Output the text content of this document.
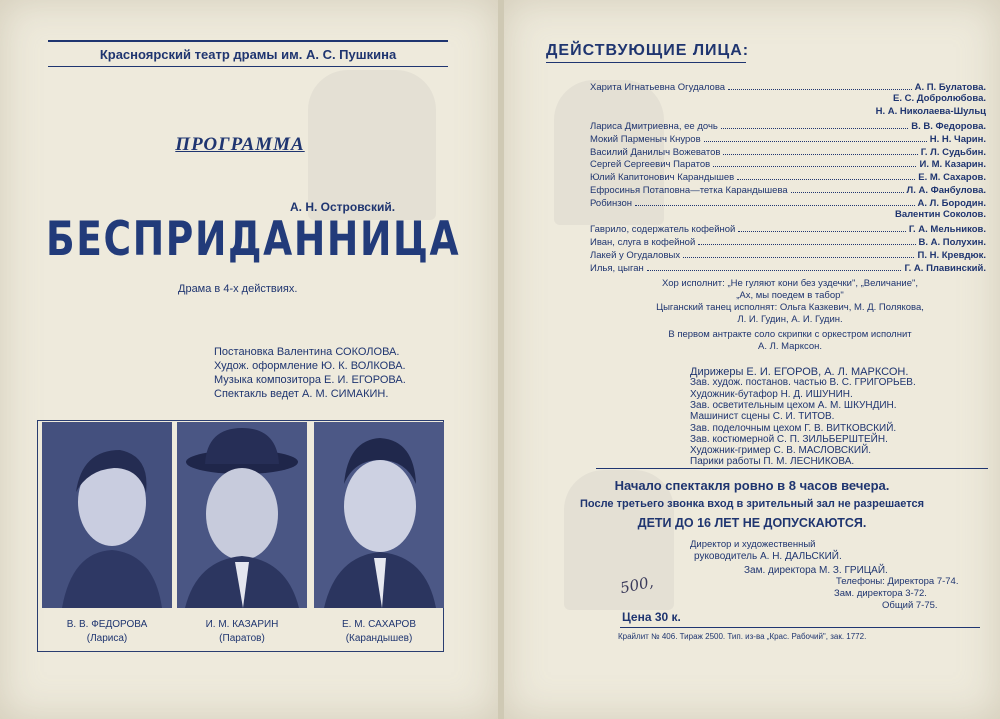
Красноярский театр драмы им. А. С. Пушкина
ПРОГРАММА
А. Н. Островский.
БЕСПРИДАННИЦА
Драма в 4-х действиях.
Постановка Валентина СОКОЛОВА.
Худож. оформление Ю. К. ВОЛКОВА.
Музыка композитора Е. И. ЕГОРОВА.
Спектакль ведет А. М. СИМАКИН.
В. В. ФЕДОРОВА
(Лариса)
И. М. КАЗАРИН
(Паратов)
Е. М. САХАРОВ
(Карандышев)
ДЕЙСТВУЮЩИЕ ЛИЦА:
Харита Игнатьевна Огудалова	А. П. Булатова.
Е. С. Добролюбова.
Н. А. Николаева-Шульц
Лариса Дмитриевна, ее дочь	В. В. Федорова.
Мокий Парменыч Кнуров	Н. Н. Чарин.
Василий Данилыч Вожеватов	Г. Л. Судьбин.
Сергей Сергеевич Паратов	И. М. Казарин.
Юлий Капитонович Карандышев	Е. М. Сахаров.
Ефросинья Потаповна—тетка Карандышева	Л. А. Фанбулова.
Робинзон	А. Л. Бородин.
Валентин Соколов.
Гаврило, содержатель кофейной	Г. А. Мельников.
Иван, слуга в кофейной	В. А. Полухин.
Лакей у Огудаловых	П. Н. Кревдюк.
Илья, цыган	Г. А. Плавинский.
Хор исполнит: „Не гуляют кони без уздечки", „Величание",
„Ах, мы поедем в табор"
Цыганский танец исполнят: Ольга Казкевич, М. Д. Полякова,
Л. И. Гудин, А. И. Гудин.
В первом антракте соло скрипки с оркестром исполнит
А. Л. Марксон.
Дирижеры Е. И. ЕГОРОВ, А. Л. МАРКСОН.
Зав. худож. постанов. частью В. С. ГРИГОРЬЕВ.
Художник-бутафор Н. Д. ИШУНИН.
Зав. осветительным цехом А. М. ШКУНДИН.
Машинист сцены С. И. ТИТОВ.
Зав. поделочным цехом Г. В. ВИТКОВСКИЙ.
Зав. костюмерной С. П. ЗИЛЬБЕРШТЕЙН.
Художник-гример С. В. МАСЛОВСКИЙ.
Парики работы П. М. ЛЕСНИКОВА.
Начало спектакля ровно в 8 часов вечера.
После третьего звонка вход в зрительный зал не разрешается
ДЕТИ ДО 16 ЛЕТ НЕ ДОПУСКАЮТСЯ.
Директор и художественный
руководитель А. Н. ДАЛЬСКИЙ.
Зам. директора М. З. ГРИЦАЙ.
500,	Телефоны: Директора 7-74.
Зам. директора 3-72.
Общий 7-75.
Цена 30 к.
Крайлит № 406. Тираж 2500. Тип. из-ва „Крас. Рабочий", зак. 1772.
